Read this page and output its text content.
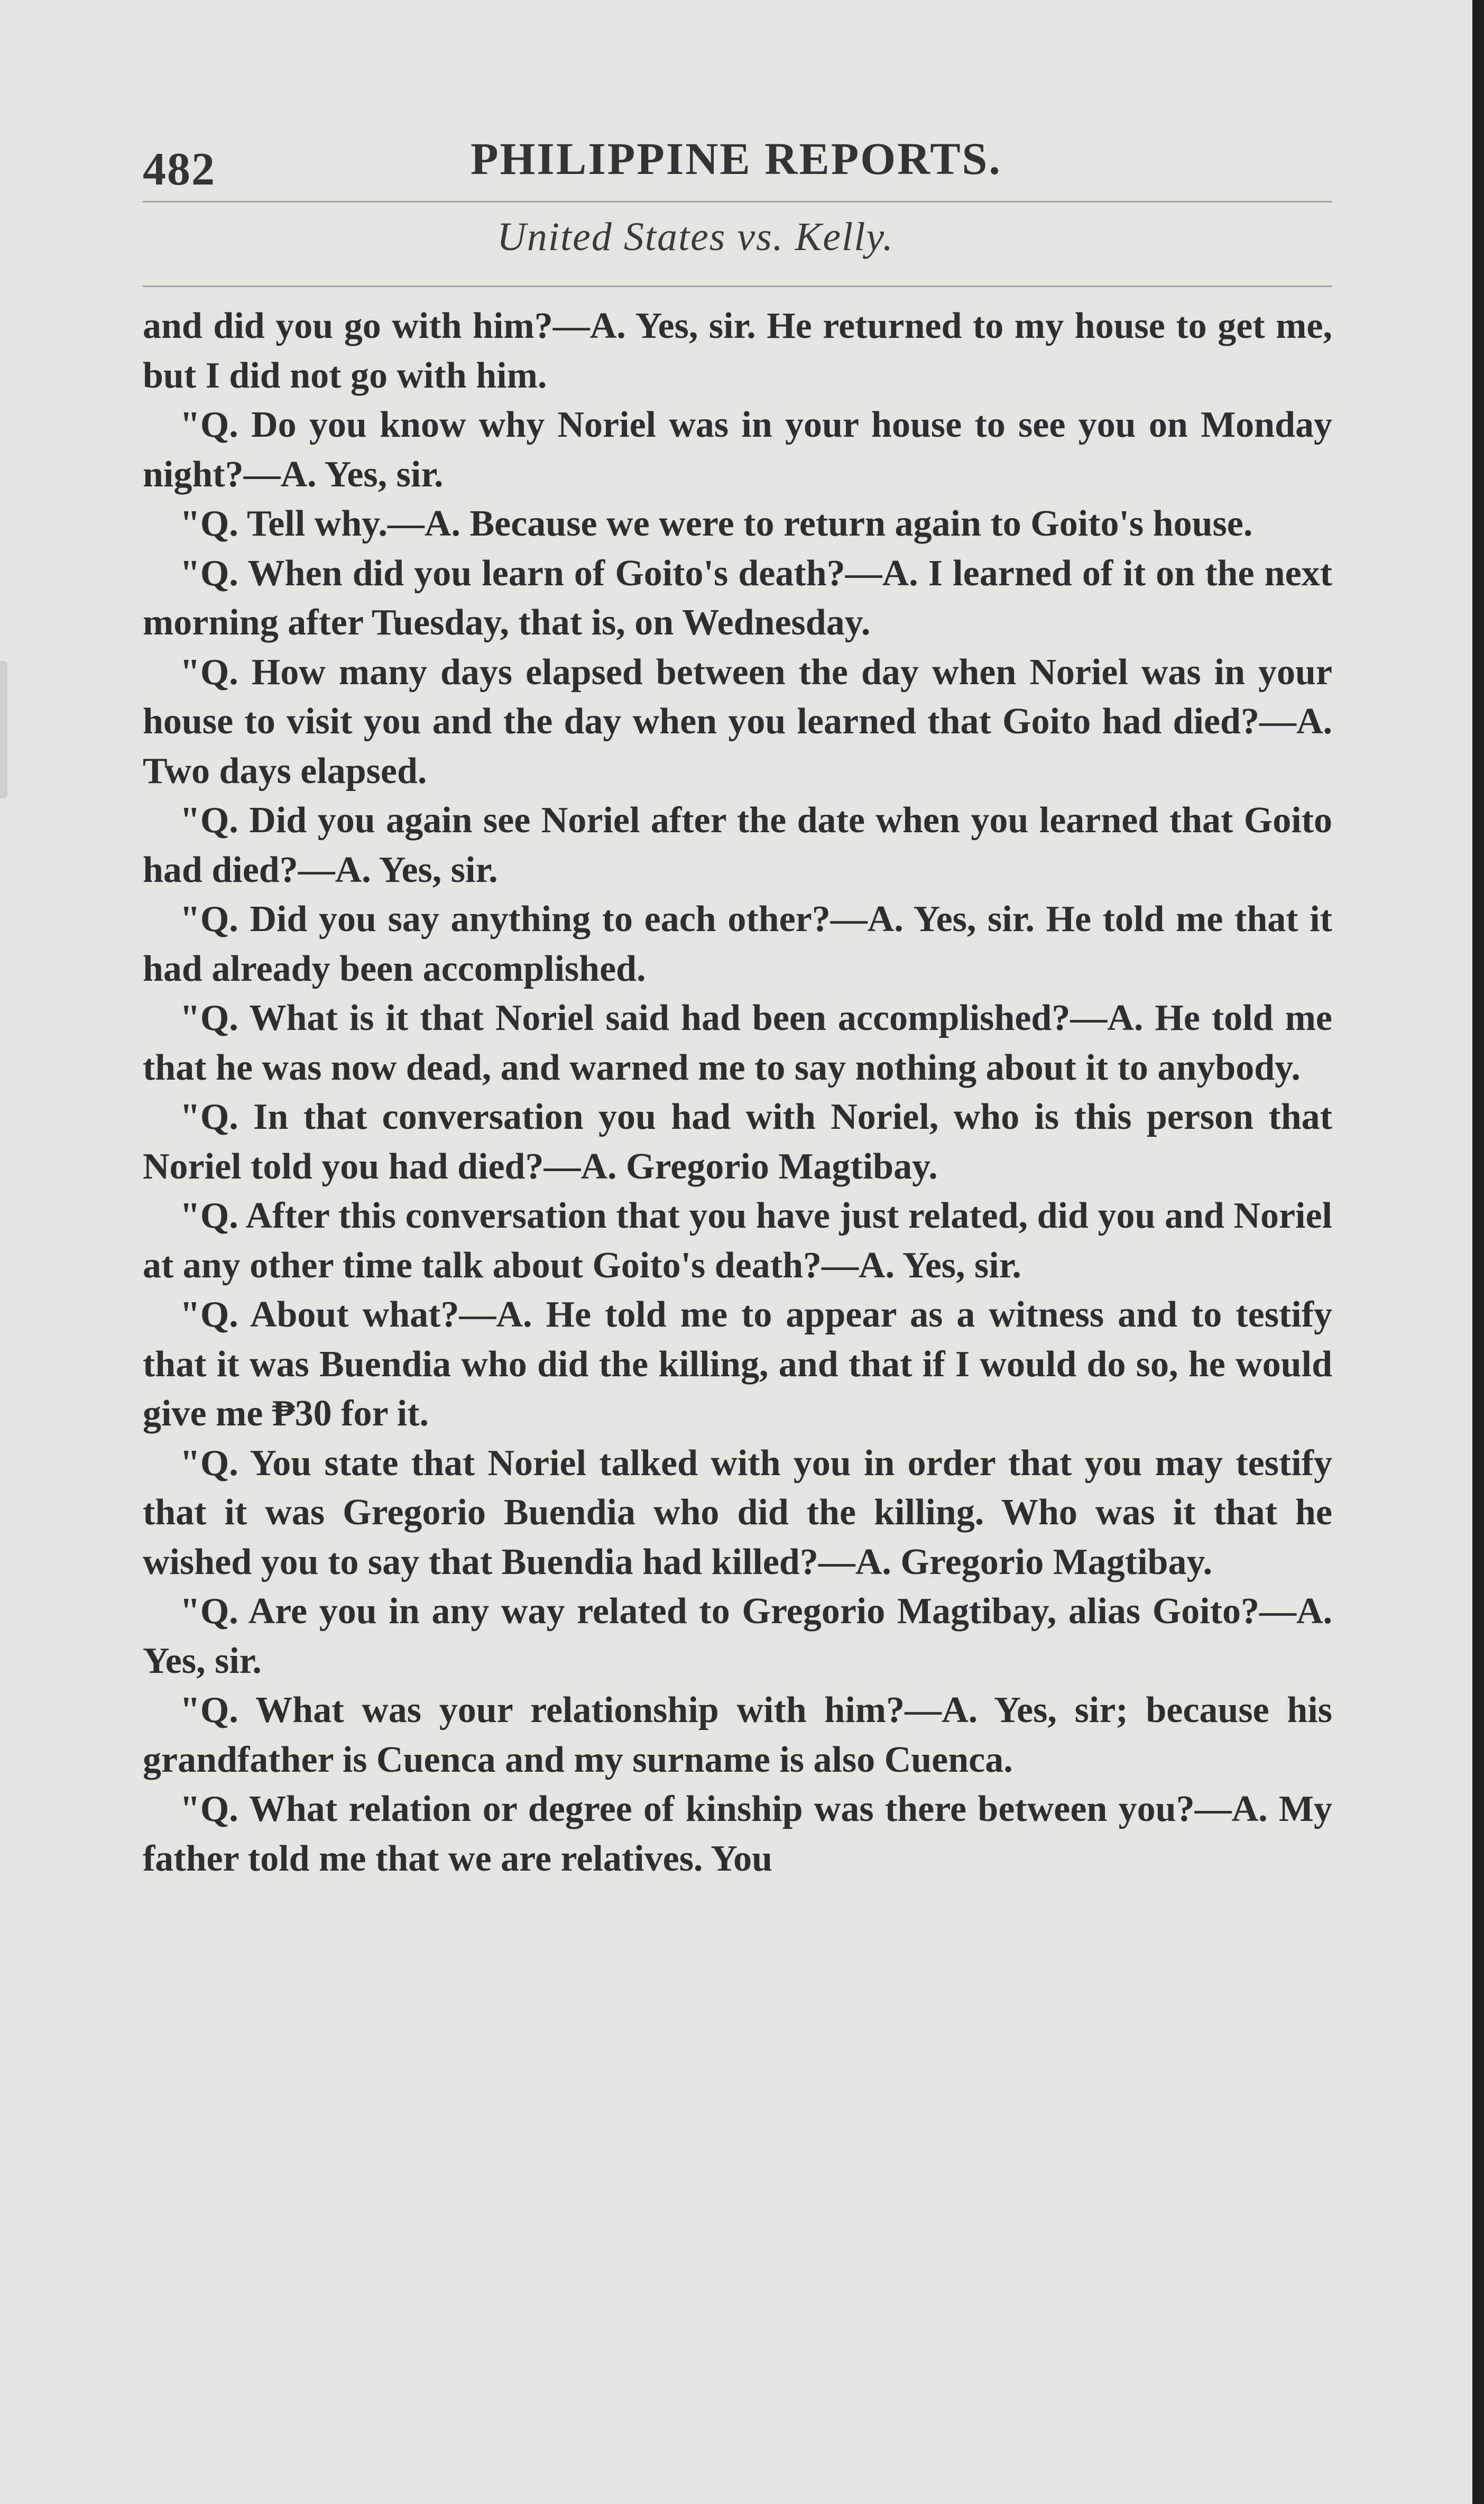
482	PHILIPPINE REPORTS.
United States vs. Kelly.

and did you go with him?—A. Yes, sir. He returned to my house to get me, but I did not go with him.

"Q. Do you know why Noriel was in your house to see you on Monday night?—A. Yes, sir.

"Q. Tell why.—A. Because we were to return again to Goito's house.

"Q. When did you learn of Goito's death?—A. I learned of it on the next morning after Tuesday, that is, on Wednesday.

"Q. How many days elapsed between the day when Noriel was in your house to visit you and the day when you learned that Goito had died?—A. Two days elapsed.

"Q. Did you again see Noriel after the date when you learned that Goito had died?—A. Yes, sir.

"Q. Did you say anything to each other?—A. Yes, sir. He told me that it had already been accomplished.

"Q. What is it that Noriel said had been accomplished?—A. He told me that he was now dead, and warned me to say nothing about it to anybody.

"Q. In that conversation you had with Noriel, who is this person that Noriel told you had died?—A. Gregorio Magtibay.

"Q. After this conversation that you have just related, did you and Noriel at any other time talk about Goito's death?—A. Yes, sir.

"Q. About what?—A. He told me to appear as a witness and to testify that it was Buendia who did the killing, and that if I would do so, he would give me ₱30 for it.

"Q. You state that Noriel talked with you in order that you may testify that it was Gregorio Buendia who did the killing. Who was it that he wished you to say that Buendia had killed?—A. Gregorio Magtibay.

"Q. Are you in any way related to Gregorio Magtibay, alias Goito?—A. Yes, sir.

"Q. What was your relationship with him?—A. Yes, sir; because his grandfather is Cuenca and my surname is also Cuenca.

"Q. What relation or degree of kinship was there between you?—A. My father told me that we are relatives. You
